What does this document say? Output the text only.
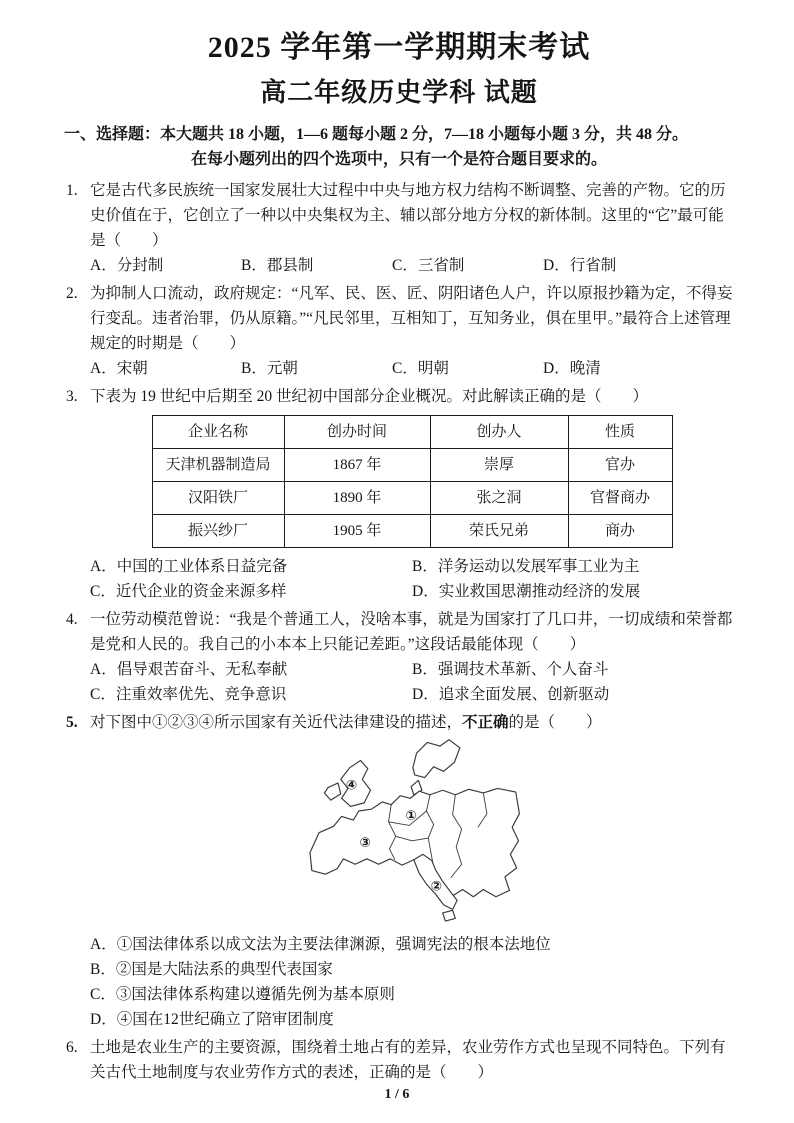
2025 学年第一学期期末考试
高二年级历史学科 试题
一、选择题：本大题共 18 小题，1—6 题每小题 2 分，7—18 小题每小题 3 分，共 48 分。
在每小题列出的四个选项中，只有一个是符合题目要求的。
1. 它是古代多民族统一国家发展壮大过程中中央与地方权力结构不断调整、完善的产物。它的历史价值在于，它创立了一种以中央集权为主、辅以部分地方分权的新体制。这里的“它”最可能是（　　）
A．分封制	B．郡县制	C．三省制	D．行省制
2. 为抑制人口流动，政府规定：“凡军、民、医、匠、阴阳诸色人户，许以原报抄籍为定，不得妄行变乱。违者治罪，仍从原籍。”“凡民邻里，互相知丁，互知务业，俱在里甲。”最符合上述管理规定的时期是（　　）
A．宋朝	B．元朝	C．明朝	D．晚清
3. 下表为 19 世纪中后期至 20 世纪初中国部分企业概况。对此解读正确的是（　　）
企业名称	创办时间	创办人	性质
天津机器制造局	1867 年	崇厚	官办
汉阳铁厂	1890 年	张之洞	官督商办
振兴纱厂	1905 年	荣氏兄弟	商办
A．中国的工业体系日益完备	B．洋务运动以发展军事工业为主
C．近代企业的资金来源多样	D．实业救国思潮推动经济的发展
4. 一位劳动模范曾说：“我是个普通工人，没啥本事，就是为国家打了几口井，一切成绩和荣誉都是党和人民的。我自己的小本本上只能记差距。”这段话最能体现（　　）
A．倡导艰苦奋斗、无私奉献	B．强调技术革新、个人奋斗
C．注重效率优先、竞争意识	D．追求全面发展、创新驱动
5. 对下图中①②③④所示国家有关近代法律建设的描述，不正确的是（　　）
①
②
③
④
A．①国法律体系以成文法为主要法律渊源，强调宪法的根本法地位
B．②国是大陆法系的典型代表国家
C．③国法律体系构建以遵循先例为基本原则
D．④国在12世纪确立了陪审团制度
6. 土地是农业生产的主要资源，围绕着土地占有的差异，农业劳作方式也呈现不同特色。下列有关古代土地制度与农业劳作方式的表述，正确的是（　　）
1 / 6
